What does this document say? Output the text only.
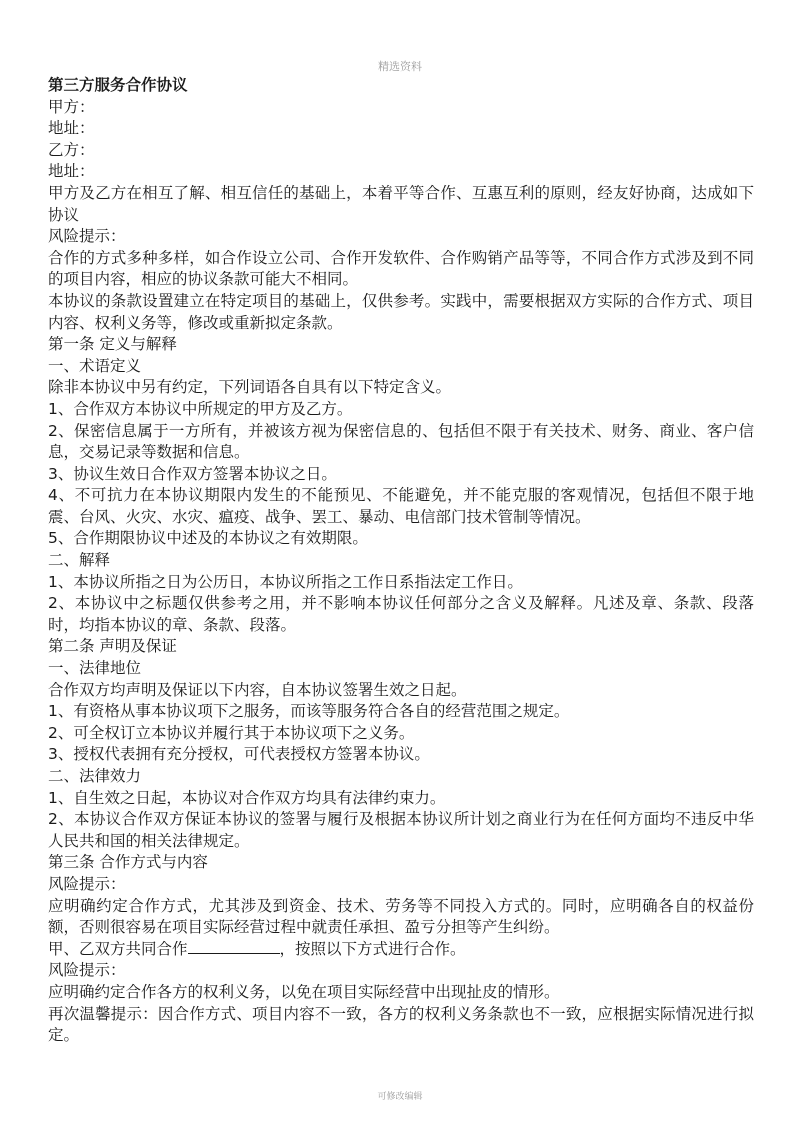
精选资料

第三方服务合作协议

甲方：

地址：

乙方：

地址：

甲方及乙方在相互了解、相互信任的基础上，本着平等合作、互惠互利的原则，经友好协商，达成如下协议

风险提示：

合作的方式多种多样，如合作设立公司、合作开发软件、合作购销产品等等，不同合作方式涉及到不同的项目内容，相应的协议条款可能大不相同。

本协议的条款设置建立在特定项目的基础上，仅供参考。实践中，需要根据双方实际的合作方式、项目内容、权利义务等，修改或重新拟定条款。

第一条 定义与解释

一、术语定义

除非本协议中另有约定，下列词语各自具有以下特定含义。

1、合作双方本协议中所规定的甲方及乙方。

2、保密信息属于一方所有，并被该方视为保密信息的、包括但不限于有关技术、财务、商业、客户信息，交易记录等数据和信息。

3、协议生效日合作双方签署本协议之日。

4、不可抗力在本协议期限内发生的不能预见、不能避免，并不能克服的客观情况，包括但不限于地震、台风、火灾、水灾、瘟疫、战争、罢工、暴动、电信部门技术管制等情况。

5、合作期限协议中述及的本协议之有效期限。

二、解释

1、本协议所指之日为公历日，本协议所指之工作日系指法定工作日。

2、本协议中之标题仅供参考之用，并不影响本协议任何部分之含义及解释。凡述及章、条款、段落时，均指本协议的章、条款、段落。

第二条 声明及保证

一、法律地位

合作双方均声明及保证以下内容，自本协议签署生效之日起。

1、有资格从事本协议项下之服务，而该等服务符合各自的经营范围之规定。

2、可全权订立本协议并履行其于本协议项下之义务。

3、授权代表拥有充分授权，可代表授权方签署本协议。

二、法律效力

1、自生效之日起，本协议对合作双方均具有法律约束力。

2、本协议合作双方保证本协议的签署与履行及根据本协议所计划之商业行为在任何方面均不违反中华人民共和国的相关法律规定。

第三条 合作方式与内容

风险提示：

应明确约定合作方式，尤其涉及到资金、技术、劳务等不同投入方式的。同时，应明确各自的权益份额，否则很容易在项目实际经营过程中就责任承担、盈亏分担等产生纠纷。

甲、乙双方共同合作	，按照以下方式进行合作。

风险提示：

应明确约定合作各方的权利义务，以免在项目实际经营中出现扯皮的情形。

再次温馨提示：因合作方式、项目内容不一致，各方的权利义务条款也不一致，应根据实际情况进行拟定。

可修改编辑
